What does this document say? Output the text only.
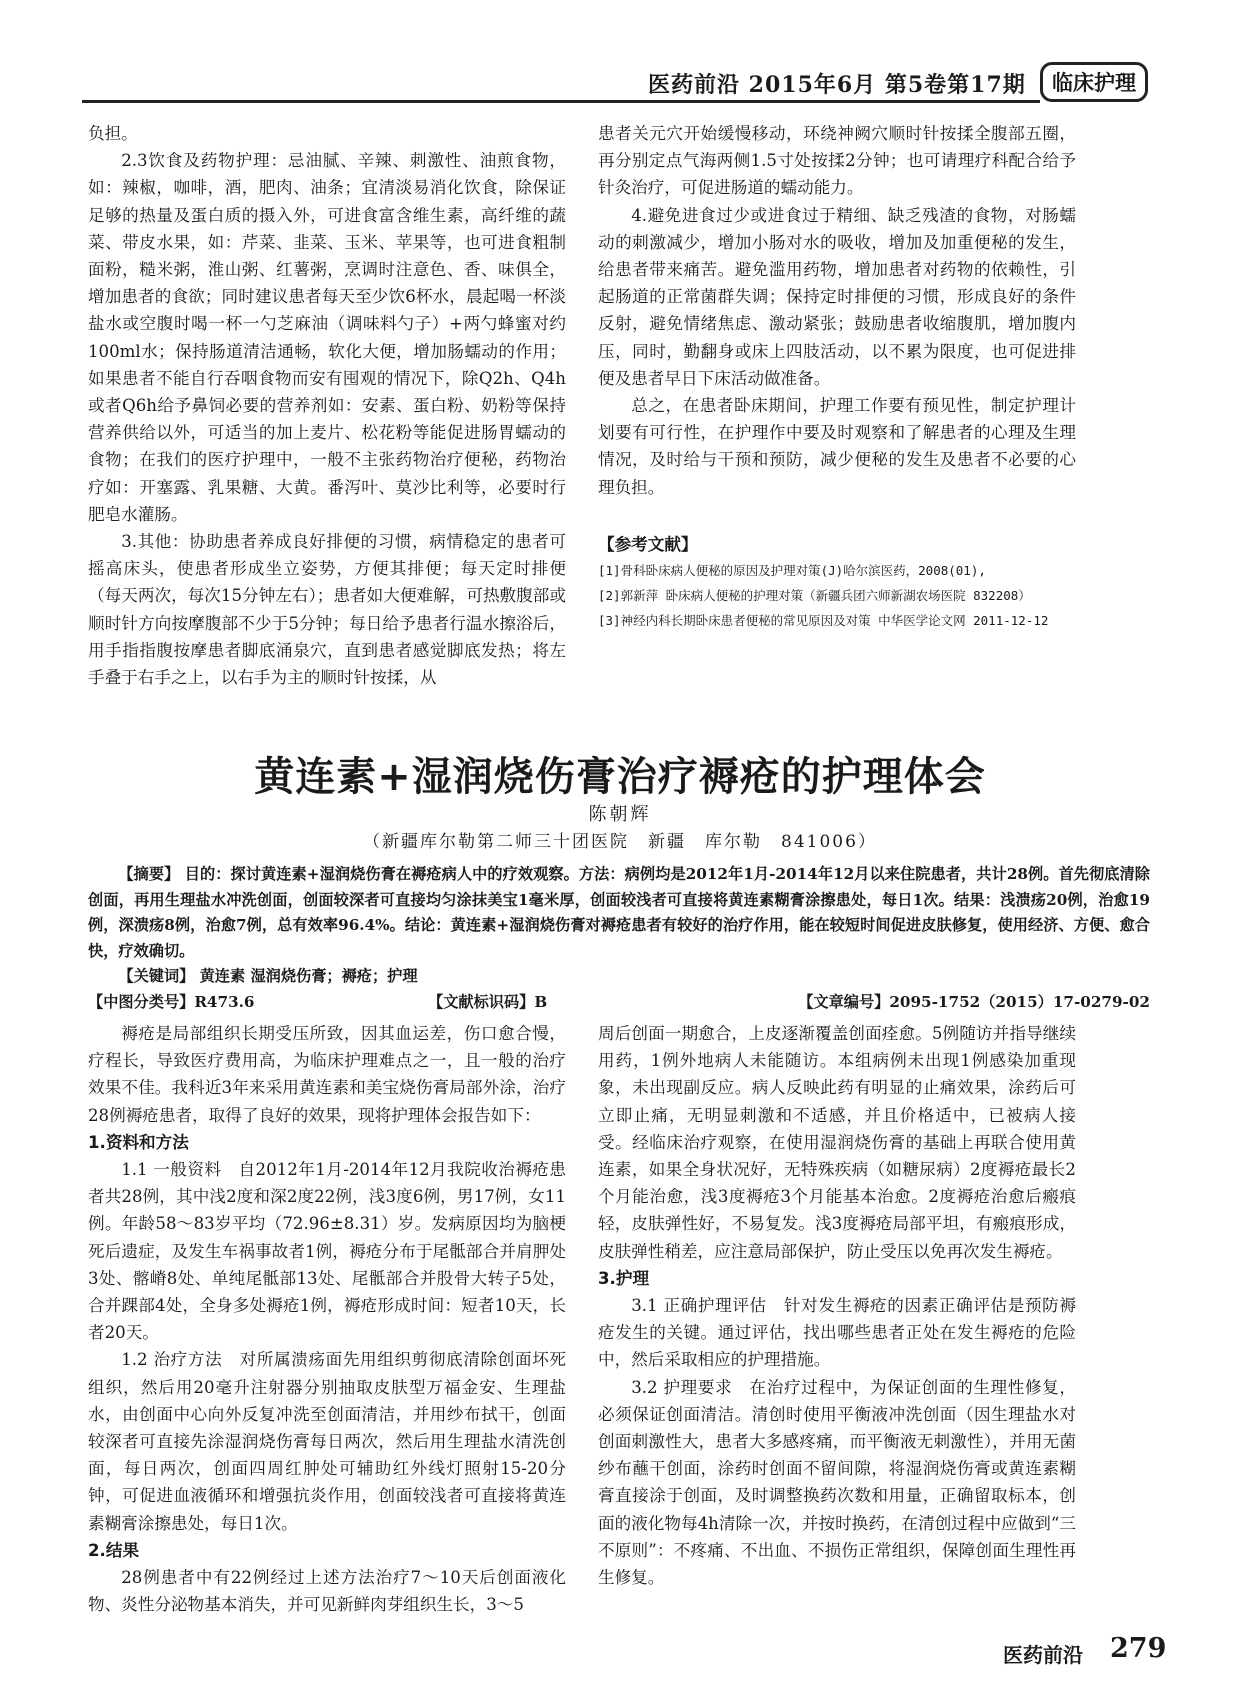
医药前沿 2015年6月 第5卷第17期	临床护理

负担。

2.3饮食及药物护理：忌油腻、辛辣、刺激性、油煎食物，如：辣椒，咖啡，酒，肥肉、油条；宜清淡易消化饮食，除保证足够的热量及蛋白质的摄入外，可进食富含维生素，高纤维的蔬菜、带皮水果，如：芹菜、韭菜、玉米、苹果等，也可进食粗制面粉，糙米粥，淮山粥、红薯粥，烹调时注意色、香、味俱全，增加患者的食欲；同时建议患者每天至少饮6杯水，晨起喝一杯淡盐水或空腹时喝一杯一勺芝麻油（调味料勺子）+两勺蜂蜜对约100ml水；保持肠道清洁通畅，软化大便，增加肠蠕动的作用；如果患者不能自行吞咽食物而安有囤观的情况下，除Q2h、Q4h或者Q6h给予鼻饲必要的营养剂如：安素、蛋白粉、奶粉等保持营养供给以外，可适当的加上麦片、松花粉等能促进肠胃蠕动的食物；在我们的医疗护理中，一般不主张药物治疗便秘，药物治疗如：开塞露、乳果糖、大黄。番泻叶、莫沙比利等，必要时行肥皂水灌肠。

3.其他：协助患者养成良好排便的习惯，病情稳定的患者可摇高床头，使患者形成坐立姿势，方便其排便；每天定时排便（每天两次，每次15分钟左右）；患者如大便难解，可热敷腹部或顺时针方向按摩腹部不少于5分钟；每日给予患者行温水擦浴后，用手指指腹按摩患者脚底涌泉穴，直到患者感觉脚底发热；将左手叠于右手之上，以右手为主的顺时针按揉，从

患者关元穴开始缓慢移动，环绕神阙穴顺时针按揉全腹部五圈，再分别定点气海两侧1.5寸处按揉2分钟；也可请理疗科配合给予针灸治疗，可促进肠道的蠕动能力。

4.避免进食过少或进食过于精细、缺乏残渣的食物，对肠蠕动的刺激减少，增加小肠对水的吸收，增加及加重便秘的发生，给患者带来痛苦。避免滥用药物，增加患者对药物的依赖性，引起肠道的正常菌群失调；保持定时排便的习惯，形成良好的条件反射，避免情绪焦虑、激动紧张；鼓励患者收缩腹肌，增加腹内压，同时，勤翻身或床上四肢活动，以不累为限度，也可促进排便及患者早日下床活动做准备。

总之，在患者卧床期间，护理工作要有预见性，制定护理计划要有可行性，在护理作中要及时观察和了解患者的心理及生理情况，及时给与干预和预防，减少便秘的发生及患者不必要的心理负担。

【参考文献】

[1]骨科卧床病人便秘的原因及护理对策(J)哈尔滨医药，2008(01),

[2]郭新萍 卧床病人便秘的护理对策（新疆兵团六师新湖农场医院 832208）

[3]神经内科长期卧床患者便秘的常见原因及对策 中华医学论文网 2011-12-12

黄连素+湿润烧伤膏治疗褥疮的护理体会
陈朝辉
（新疆库尔勒第二师三十团医院　新疆　库尔勒　841006）

【摘要】 目的：探讨黄连素+湿润烧伤膏在褥疮病人中的疗效观察。方法：病例均是2012年1月-2014年12月以来住院患者，共计28例。首先彻底清除创面，再用生理盐水冲洗创面，创面较深者可直接均匀涂抹美宝1毫米厚，创面较浅者可直接将黄连素糊膏涂擦患处，每日1次。结果：浅溃疡20例，治愈19例，深溃疡8例，治愈7例，总有效率96.4%。结论：黄连素+湿润烧伤膏对褥疮患者有较好的治疗作用，能在较短时间促进皮肤修复，使用经济、方便、愈合快，疗效确切。

【关键词】 黄连素 湿润烧伤膏；褥疮；护理

【中图分类号】R473.6	【文献标识码】B	【文章编号】2095-1752（2015）17-0279-02

褥疮是局部组织长期受压所致，因其血运差，伤口愈合慢，疗程长，导致医疗费用高，为临床护理难点之一，且一般的治疗效果不佳。我科近3年来采用黄连素和美宝烧伤膏局部外涂，治疗28例褥疮患者，取得了良好的效果，现将护理体会报告如下：

1.资料和方法

1.1 一般资料　自2012年1月-2014年12月我院收治褥疮患者共28例，其中浅2度和深2度22例，浅3度6例，男17例，女11例。年龄58～83岁平均（72.96±8.31）岁。发病原因均为脑梗死后遗症，及发生车祸事故者1例，褥疮分布于尾骶部合并肩胛处3处、髂嵴8处、单纯尾骶部13处、尾骶部合并股骨大转子5处，合并踝部4处，全身多处褥疮1例，褥疮形成时间：短者10天，长者20天。

1.2 治疗方法　对所属溃疡面先用组织剪彻底清除创面坏死组织，然后用20毫升注射器分别抽取皮肤型万福金安、生理盐水，由创面中心向外反复冲洗至创面清洁，并用纱布拭干，创面较深者可直接先涂湿润烧伤膏每日两次，然后用生理盐水清洗创面，每日两次，创面四周红肿处可辅助红外线灯照射15-20分钟，可促进血液循环和增强抗炎作用，创面较浅者可直接将黄连素糊膏涂擦患处，每日1次。

2.结果

28例患者中有22例经过上述方法治疗7～10天后创面液化物、炎性分泌物基本消失，并可见新鲜肉芽组织生长，3～5

周后创面一期愈合，上皮逐渐覆盖创面痊愈。5例随访并指导继续用药，1例外地病人未能随访。本组病例未出现1例感染加重现象，未出现副反应。病人反映此药有明显的止痛效果，涂药后可立即止痛，无明显刺激和不适感，并且价格适中，已被病人接受。经临床治疗观察，在使用湿润烧伤膏的基础上再联合使用黄连素，如果全身状况好，无特殊疾病（如糖尿病）2度褥疮最长2个月能治愈，浅3度褥疮3个月能基本治愈。2度褥疮治愈后瘢痕轻，皮肤弹性好，不易复发。浅3度褥疮局部平坦，有瘢痕形成，皮肤弹性稍差，应注意局部保护，防止受压以免再次发生褥疮。

3.护理

3.1 正确护理评估　针对发生褥疮的因素正确评估是预防褥疮发生的关键。通过评估，找出哪些患者正处在发生褥疮的危险中，然后采取相应的护理措施。

3.2 护理要求　在治疗过程中，为保证创面的生理性修复，必须保证创面清洁。清创时使用平衡液冲洗创面（因生理盐水对创面刺激性大，患者大多感疼痛，而平衡液无刺激性），并用无菌纱布蘸干创面，涂药时创面不留间隙，将湿润烧伤膏或黄连素糊膏直接涂于创面，及时调整换药次数和用量，正确留取标本，创面的液化物每4h清除一次，并按时换药，在清创过程中应做到“三不原则”：不疼痛、不出血、不损伤正常组织，保障创面生理性再生修复。

医药前沿 279
